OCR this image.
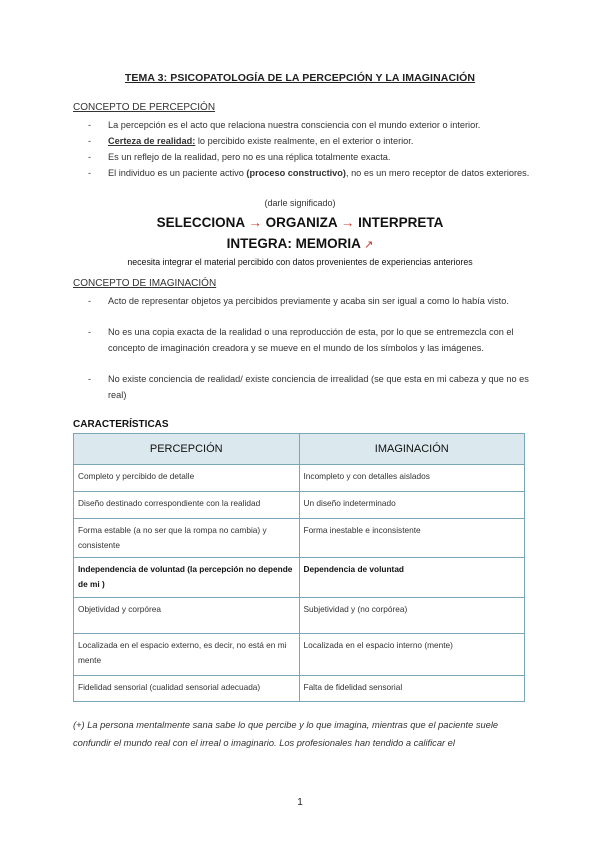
TEMA 3: PSICOPATOLOGÍA DE LA PERCEPCIÓN Y LA IMAGINACIÓN
CONCEPTO DE PERCEPCIÓN
- La percepción es el acto que relaciona nuestra consciencia con el mundo exterior o interior.
- Certeza de realidad: lo percibido existe realmente, en el exterior o interior.
- Es un reflejo de la realidad, pero no es una réplica totalmente exacta.
- El individuo es un paciente activo (proceso constructivo), no es un mero receptor de datos exteriores.
(darle significado)
SELECCIONA → ORGANIZA → INTERPRETA
INTEGRA: MEMORIA ↗
necesita integrar el material percibido con datos provenientes de experiencias anteriores
CONCEPTO DE IMAGINACIÓN
- Acto de representar objetos ya percibidos previamente y acaba sin ser igual a como lo había visto.
- No es una copia exacta de la realidad o una reproducción de esta, por lo que se entremezcla con el concepto de imaginación creadora y se mueve en el mundo de los símbolos y las imágenes.
- No existe conciencia de realidad/ existe conciencia de irrealidad (se que esta en mi cabeza y que no es real)
CARACTERÍSTICAS
PERCEPCIÓN	IMAGINACIÓN
Completo y percibido de detalle	Incompleto y con detalles aislados
Diseño destinado correspondiente con la realidad	Un diseño indeterminado
Forma estable (a no ser que la rompa no cambia) y consistente	Forma inestable e inconsistente
Independencia de voluntad (la percepción no depende de mi )	Dependencia de voluntad
Objetividad y corpórea	Subjetividad y (no corpórea)
Localizada en el espacio externo, es decir, no está en mi mente	Localizada en el espacio interno (mente)
Fidelidad sensorial (cualidad sensorial adecuada)	Falta de fidelidad sensorial
(+) La persona mentalmente sana sabe lo que percibe y lo que imagina, mientras que el paciente suele confundir el mundo real con el irreal o imaginario. Los profesionales han tendido a calificar el
1
